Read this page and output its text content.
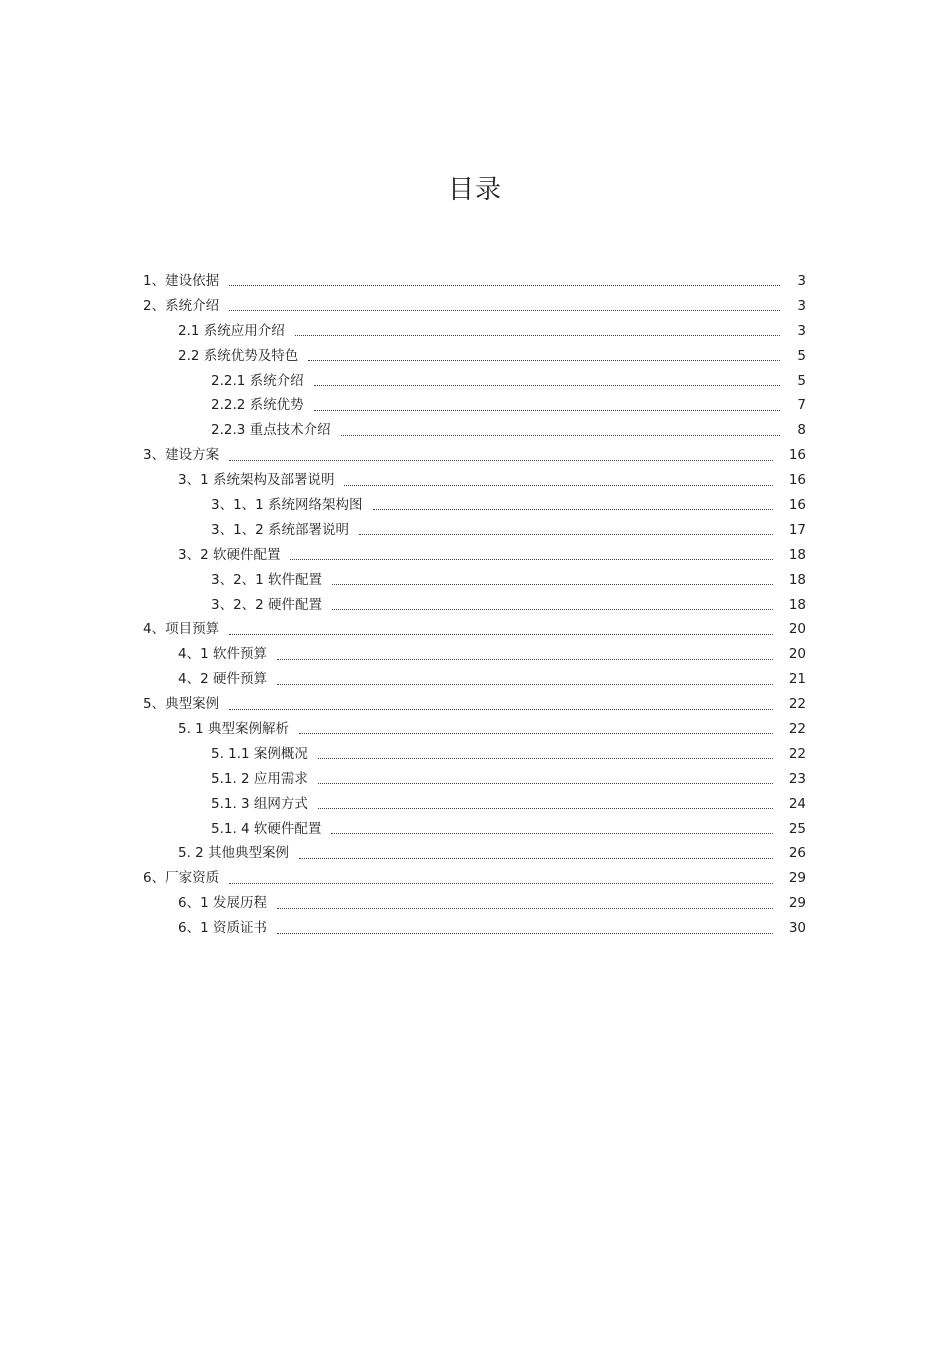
目录
1、建设依据	3
2、系统介绍	3
2.1 系统应用介绍	3
2.2 系统优势及特色	5
2.2.1 系统介绍	5
2.2.2 系统优势	7
2.2.3 重点技术介绍	8
3、建设方案	16
3、1 系统架构及部署说明	16
3、1、1 系统网络架构图	16
3、1、2 系统部署说明	17
3、2 软硬件配置	18
3、2、1 软件配置	18
3、2、2 硬件配置	18
4、项目预算	20
4、1 软件预算	20
4、2 硬件预算	21
5、典型案例	22
5. 1 典型案例解析	22
5. 1.1 案例概况	22
5.1. 2 应用需求	23
5.1. 3 组网方式	24
5.1. 4 软硬件配置	25
5. 2 其他典型案例	26
6、厂家资质	29
6、1 发展历程	29
6、1 资质证书	30
